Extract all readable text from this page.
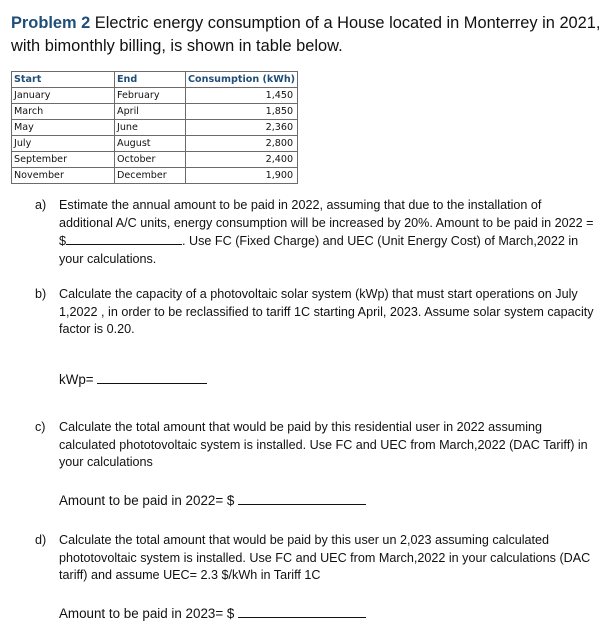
Problem 2 Electric energy consumption of a House located in Monterrey in 2021, with bimonthly billing, is shown in table below.

Start	End	Consumption (kWh)
January	February	1,450
March	April	1,850
May	June	2,360
July	August	2,800
September	October	2,400
November	December	1,900
a) Estimate the annual amount to be paid in 2022, assuming that due to the installation of additional A/C units, energy consumption will be increased by 20%. Amount to be paid in 2022 = $	. Use FC (Fixed Charge) and UEC (Unit Energy Cost) of March,2022 in your calculations.
b) Calculate the capacity of a photovoltaic solar system (kWp) that must start operations on July 1,2022 , in order to be reclassified to tariff 1C starting April, 2023. Assume solar system capacity factor is 0.20.
kWp=
c) Calculate the total amount that would be paid by this residential user in 2022 assuming calculated phototovoltaic system is installed. Use FC and UEC from March,2022 (DAC Tariff) in your calculations
Amount to be paid in 2022= $
d) Calculate the total amount that would be paid by this user un 2,023 assuming calculated phototovoltaic system is installed. Use FC and UEC from March,2022 in your calculations (DAC tariff) and assume UEC= 2.3 $/kWh in Tariff 1C
Amount to be paid in 2023= $
